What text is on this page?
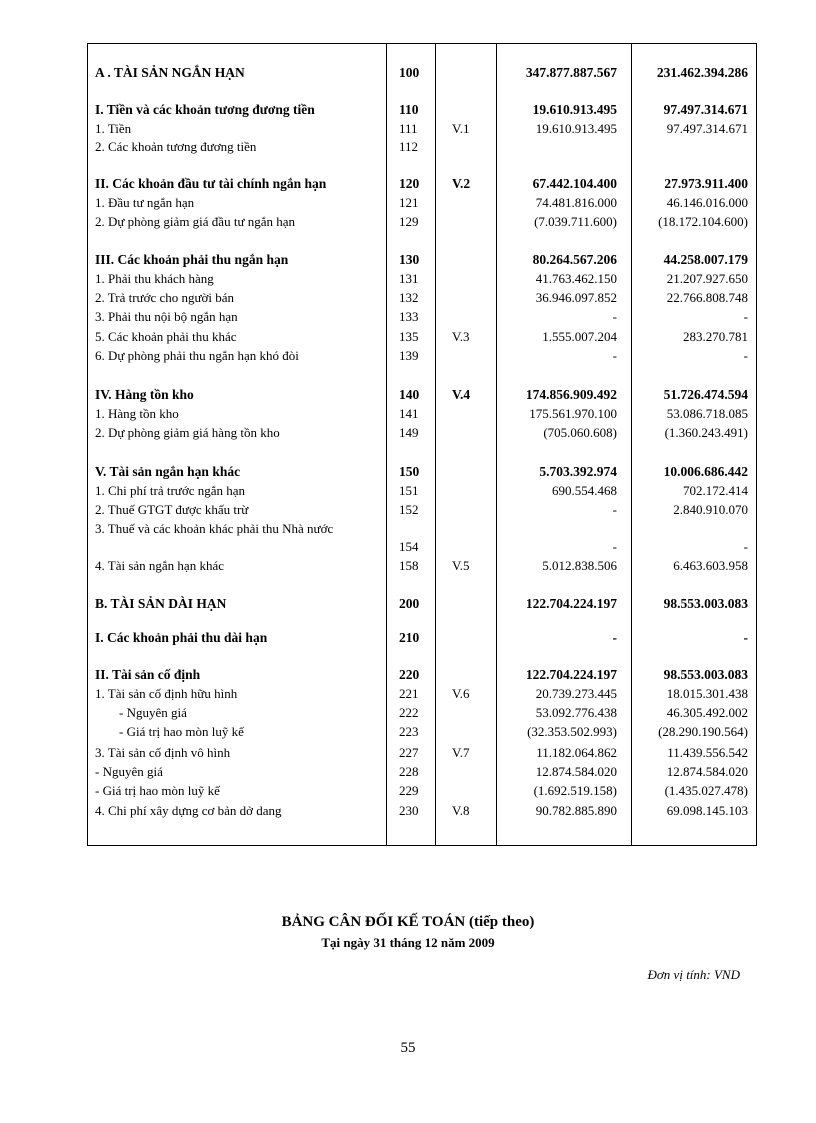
A . TÀI SẢN NGẮN HẠN	100	347.877.887.567	231.462.394.286
I. Tiền và các khoản tương đương tiền	110	19.610.913.495	97.497.314.671
1. Tiền	111	V.1	19.610.913.495	97.497.314.671
2. Các khoản tương đương tiền	112
II. Các khoản đầu tư tài chính ngắn hạn	120 V.2	67.442.104.400	27.973.911.400
1. Đầu tư ngắn hạn	121	74.481.816.000	46.146.016.000
2. Dự phòng giảm giá đầu tư ngắn hạn	129	(7.039.711.600)	(18.172.104.600)
III. Các khoản phải thu ngắn hạn	130	80.264.567.206	44.258.007.179
1. Phải thu khách hàng	131	41.763.462.150	21.207.927.650
2. Trả trước cho người bán	132	36.946.097.852	22.766.808.748
3. Phải thu nội bộ ngắn hạn	133	-	-
5. Các khoản phải thu khác	135	V.3	1.555.007.204	283.270.781
6. Dự phòng phải thu ngắn hạn khó đòi	139	-	-
IV. Hàng tồn kho	140 V.4	174.856.909.492	51.726.474.594
1. Hàng tồn kho	141	175.561.970.100	53.086.718.085
2. Dự phòng giảm giá hàng tồn kho	149	(705.060.608)	(1.360.243.491)
V. Tài sản ngắn hạn khác	150	5.703.392.974	10.006.686.442
1. Chi phí trả trước ngắn hạn	151	690.554.468	702.172.414
2. Thuế GTGT được khấu trừ	152	-	2.840.910.070
3. Thuế và các khoản khác phải thu Nhà nước
154	-	-
4. Tài sản ngắn hạn khác	158	V.5	5.012.838.506	6.463.603.958
B. TÀI SẢN DÀI HẠN	200	122.704.224.197	98.553.003.083
I. Các khoản phải thu dài hạn	210	-	-
II. Tài sản cố định	220	122.704.224.197	98.553.003.083
1. Tài sản cố định hữu hình	221	V.6	20.739.273.445	18.015.301.438
- Nguyên giá	222	53.092.776.438	46.305.492.002
- Giá trị hao mòn luỹ kế	223	(32.353.502.993)	(28.290.190.564)
3. Tài sản cố định vô hình	227	V.7	11.182.064.862	11.439.556.542
- Nguyên giá	228	12.874.584.020	12.874.584.020
- Giá trị hao mòn luỹ kế	229	(1.692.519.158)	(1.435.027.478)
4. Chi phí xây dựng cơ bản dở dang	230	V.8	90.782.885.890	69.098.145.103
BẢNG CÂN ĐỐI KẾ TOÁN (tiếp theo)
Tại ngày 31 tháng 12 năm 2009
Đơn vị tính: VND
55
